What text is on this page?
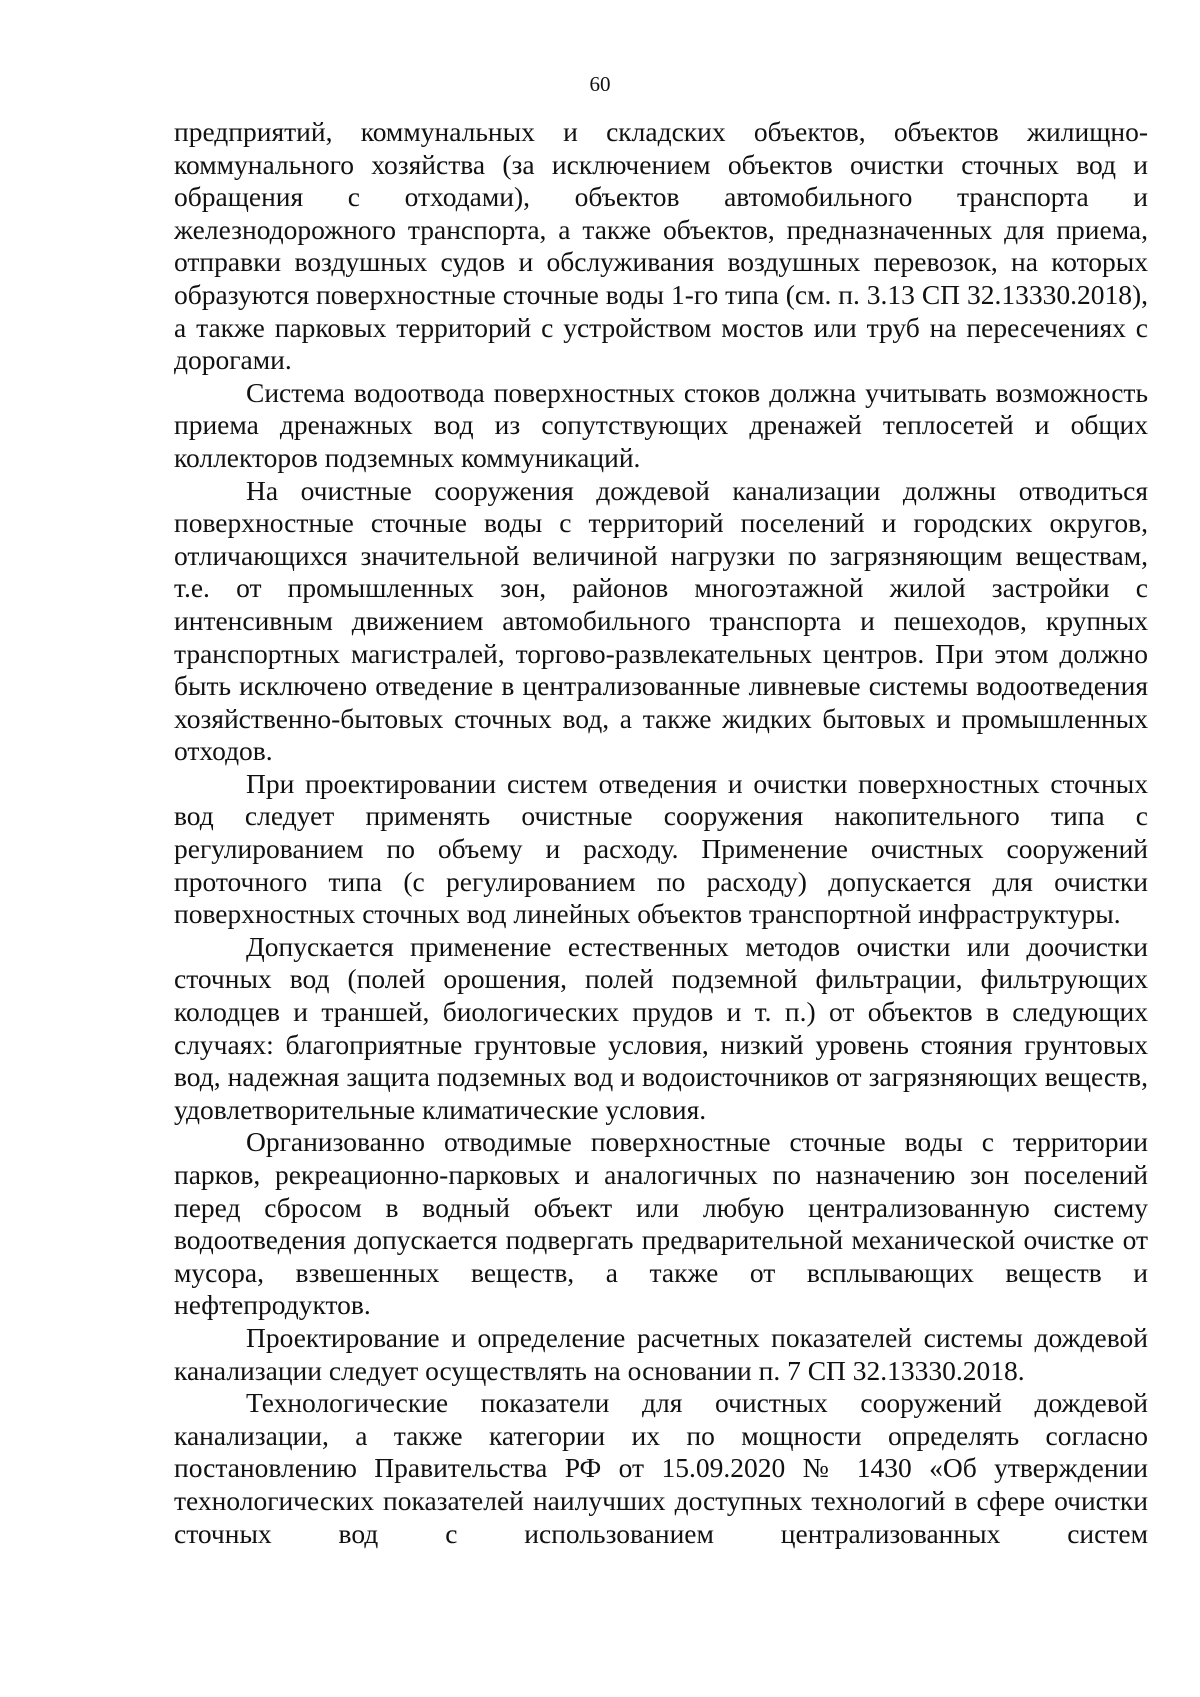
60

предприятий, коммунальных и складских объектов, объектов жилищно-коммунального хозяйства (за исключением объектов очистки сточных вод и обращения с отходами), объектов автомобильного транспорта и железнодорожного транспорта, а также объектов, предназначенных для приема, отправки воздушных судов и обслуживания воздушных перевозок, на которых образуются поверхностные сточные воды 1-го типа (см. п. 3.13 СП 32.13330.2018), а также парковых территорий с устройством мостов или труб на пересечениях с дорогами.

Система водоотвода поверхностных стоков должна учитывать возможность приема дренажных вод из сопутствующих дренажей теплосетей и общих коллекторов подземных коммуникаций.

На очистные сооружения дождевой канализации должны отводиться поверхностные сточные воды с территорий поселений и городских округов, отличающихся значительной величиной нагрузки по загрязняющим веществам, т.е. от промышленных зон, районов многоэтажной жилой застройки с интенсивным движением автомобильного транспорта и пешеходов, крупных транспортных магистралей, торгово-развлекательных центров. При этом должно быть исключено отведение в централизованные ливневые системы водоотведения хозяйственно-бытовых сточных вод, а также жидких бытовых и промышленных отходов.

При проектировании систем отведения и очистки поверхностных сточных вод следует применять очистные сооружения накопительного типа с регулированием по объему и расходу. Применение очистных сооружений проточного типа (с регулированием по расходу) допускается для очистки поверхностных сточных вод линейных объектов транспортной инфраструктуры.

Допускается применение естественных методов очистки или доочистки сточных вод (полей орошения, полей подземной фильтрации, фильтрующих колодцев и траншей, биологических прудов и т. п.) от объектов в следующих случаях: благоприятные грунтовые условия, низкий уровень стояния грунтовых вод, надежная защита подземных вод и водоисточников от загрязняющих веществ, удовлетворительные климатические условия.

Организованно отводимые поверхностные сточные воды с территории парков, рекреационно-парковых и аналогичных по назначению зон поселений перед сбросом в водный объект или любую централизованную систему водоотведения допускается подвергать предварительной механической очистке от мусора, взвешенных веществ, а также от всплывающих веществ и нефтепродуктов.

Проектирование и определение расчетных показателей системы дождевой канализации следует осуществлять на основании п. 7 СП 32.13330.2018.

Технологические показатели для очистных сооружений дождевой канализации, а также категории их по мощности определять согласно постановлению Правительства РФ от 15.09.2020 № 1430 «Об утверждении технологических показателей наилучших доступных технологий в сфере очистки сточных вод с использованием централизованных систем
